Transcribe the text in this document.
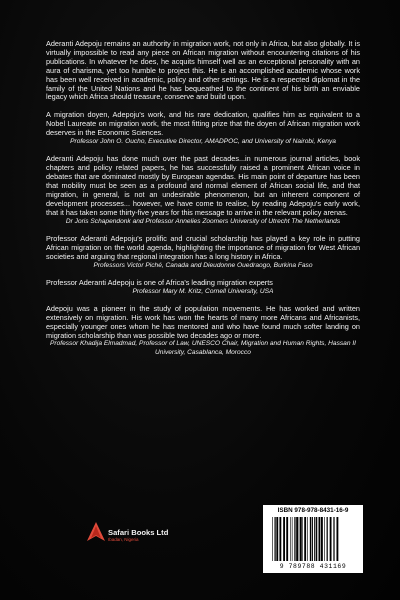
Aderanti Adepoju remains an authority in migration work, not only in Africa, but also globally. It is virtually impossible to read any piece on African migration without encountering citations of his publications. In whatever he does, he acquits himself well as an exceptional personality with an aura of charisma, yet too humble to project this. He is an accomplished academic whose work has been well received in academic, policy and other settings. He is a respected diplomat in the family of the United Nations and he has bequeathed to the continent of his birth an enviable legacy which Africa should treasure, conserve and build upon.

A migration doyen, Adepoju's work, and his rare dedication, qualifies him as equivalent to a Nobel Laureate on migration work, the most fitting prize that the doyen of African migration work deserves in the Economic Sciences.

Professor John O. Oucho, Executive Director, AMADPOC, and University of Nairobi, Kenya

Aderanti Adepoju has done much over the past decades...in numerous journal articles, book chapters and policy related papers, he has successfully raised a prominent African voice in debates that are dominated mostly by European agendas. His main point of departure has been that mobility must be seen as a profound and normal element of African social life, and that migration, in general, is not an undesirable phenomenon, but an inherent component of development processes... however, we have come to realise, by reading Adepoju's early work, that it has taken some thirty-five years for this message to arrive in the relevant policy arenas.

Dr Joris Schapendonk and Professor Annelies Zoomers University of Utrecht The Netherlands

Professor Aderanti Adepoju's prolific and crucial scholarship has played a key role in putting African migration on the world agenda, highlighting the importance of migration for West African societies and arguing that regional integration has a long history in Africa.

Professors Victor Piché, Canada and Dieudonne Ouedraogo, Burkina Faso

Professor Aderanti Adepoju is one of Africa's leading migration experts

Professor Mary M. Kritz, Cornell University, USA

Adepoju was a pioneer in the study of population movements. He has worked and written extensively on migration. His work has won the hearts of many more Africans and Africanists, especially younger ones whom he has mentored and who have found much softer landing on migration scholarship than was possible two decades ago or more.

Professor Khadija Elmadmad, Professor of Law, UNESCO Chair, Migration and Human Rights, Hassan II University, Casablanca, Morocco
Safari Books Ltd
Ibadan, Nigeria
ISBN 978-978-8431-16-9
9 789788 431169
